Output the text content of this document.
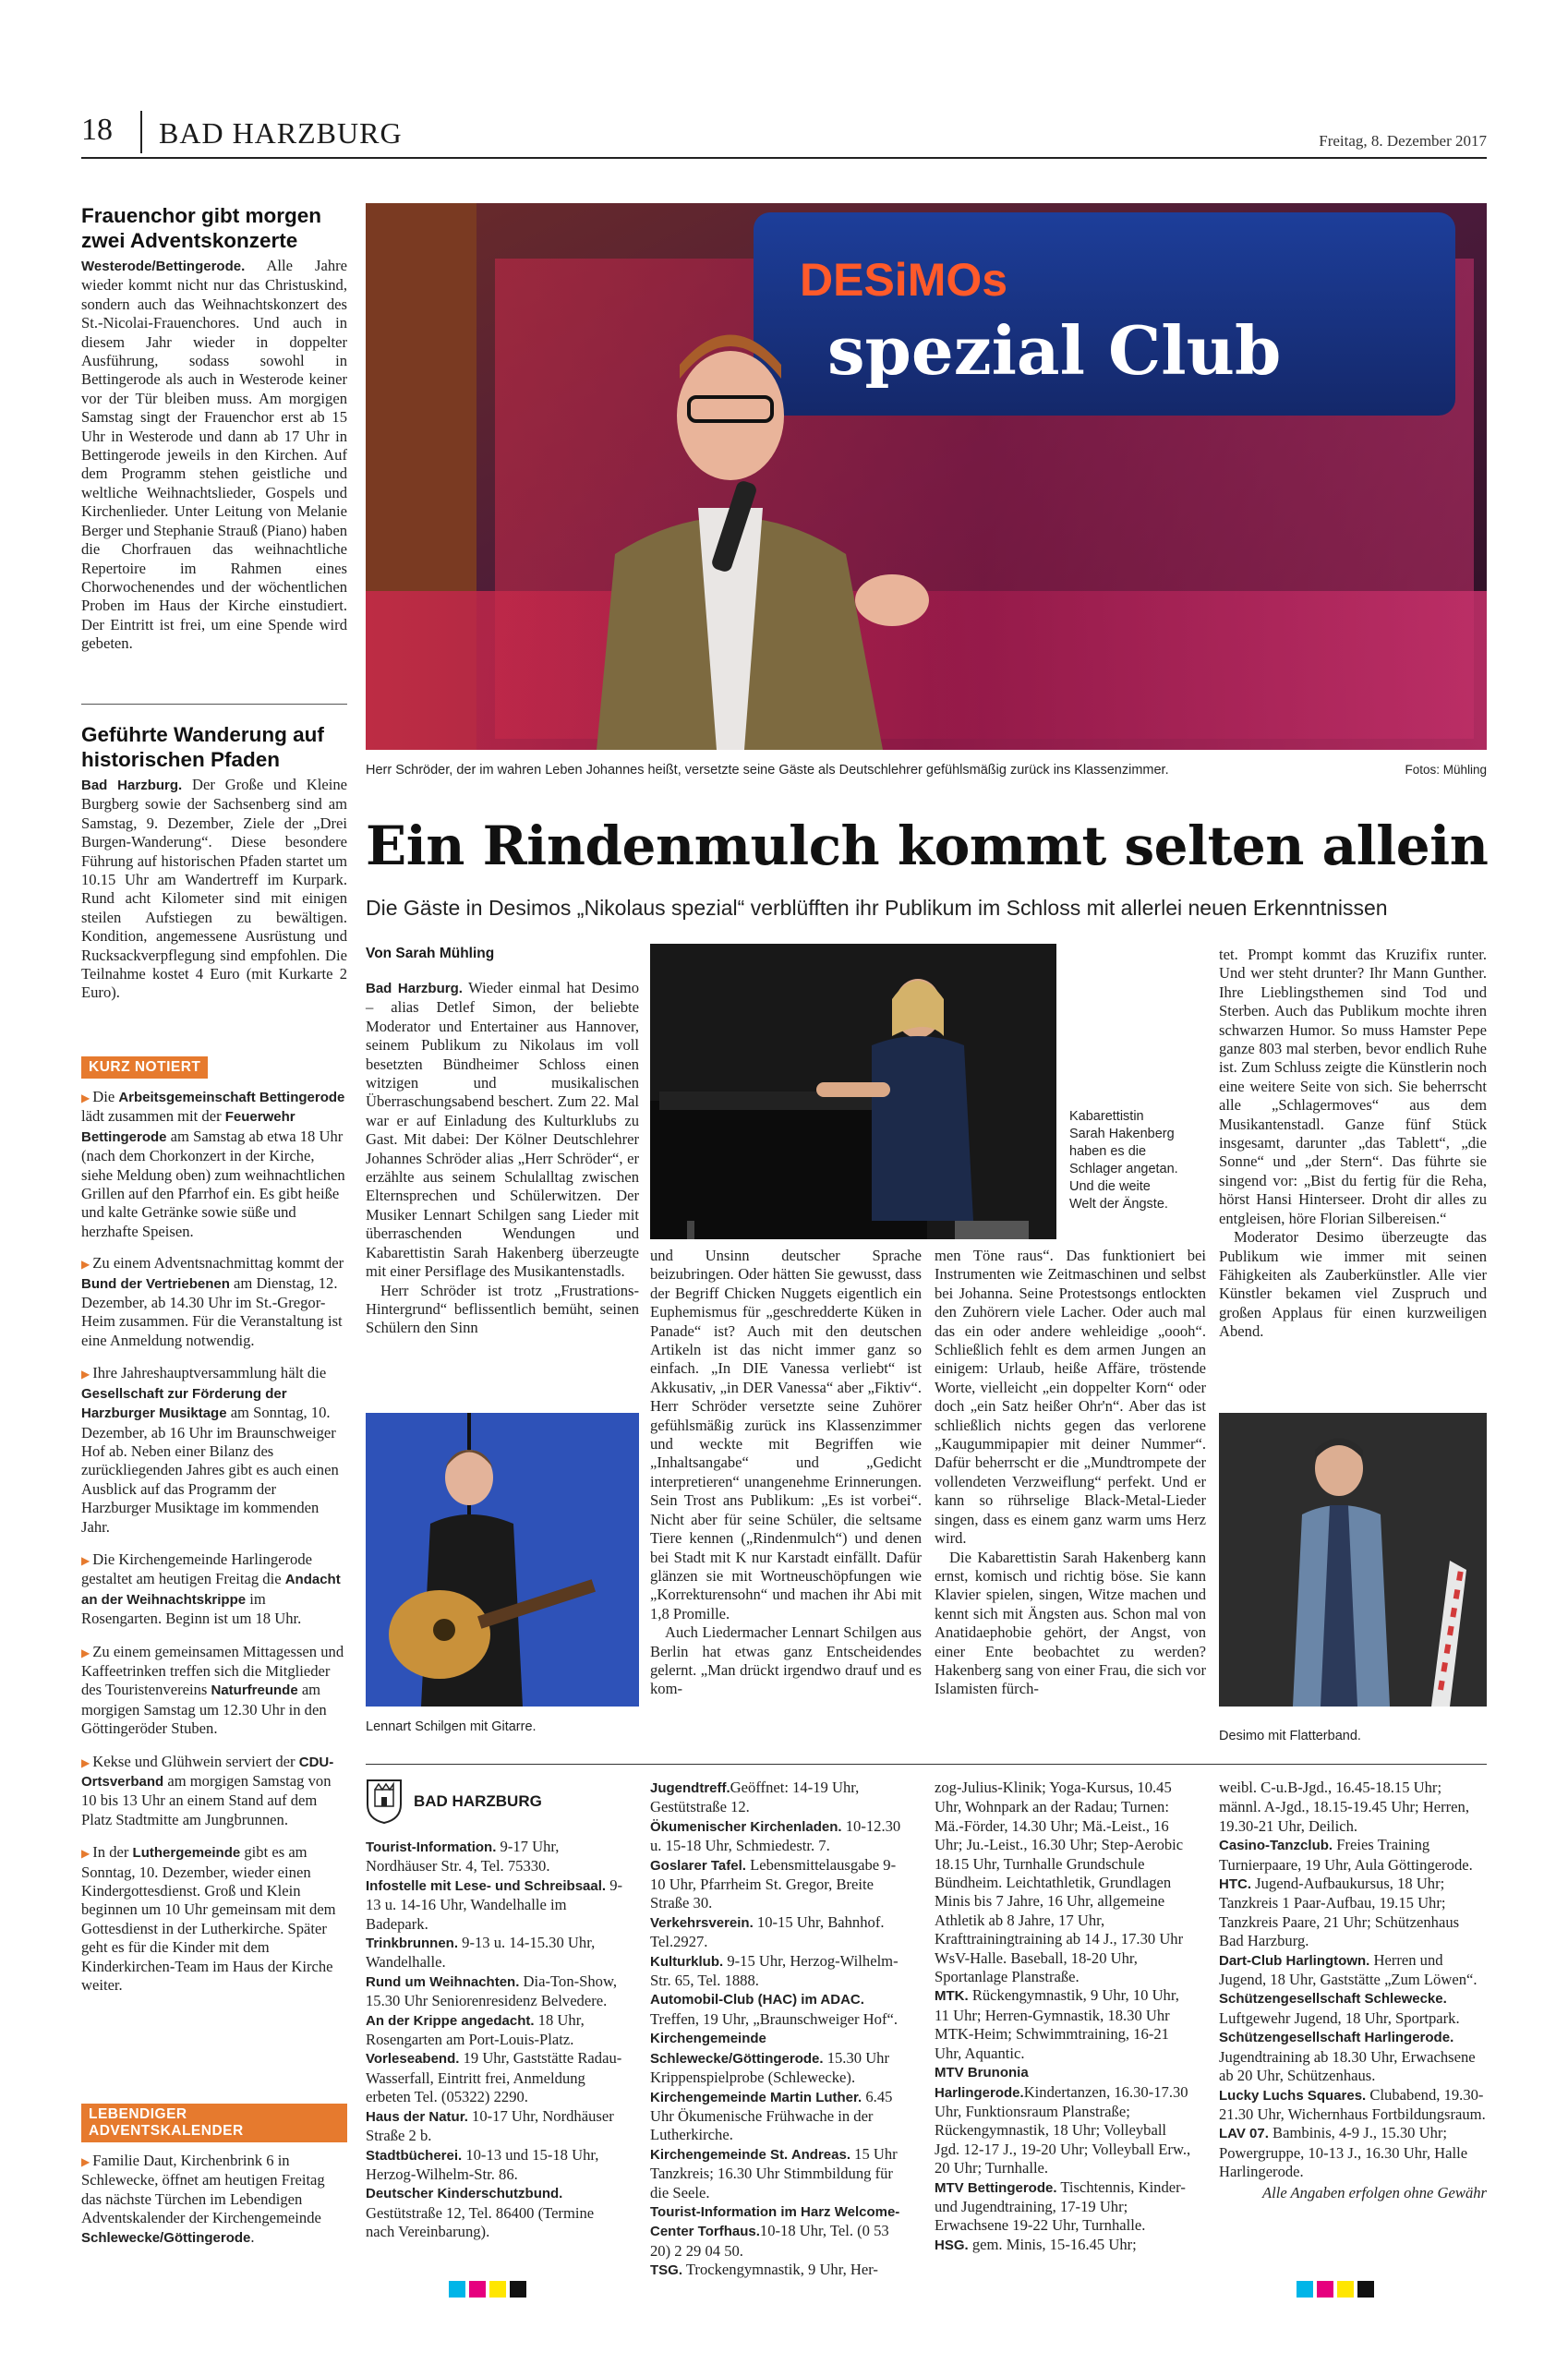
18 BAD HARZBURG	Freitag, 8. Dezember 2017
Frauenchor gibt morgen zwei Adventskonzerte
Westerode/Bettingerode. Alle Jahre wieder kommt nicht nur das Christuskind, sondern auch das Weihnachtskonzert des St.-Nicolai-Frauenchores. Und auch in diesem Jahr wieder in doppelter Ausführung, sodass sowohl in Bettingerode als auch in Westerode keiner vor der Tür bleiben muss. Am morgigen Samstag singt der Frauenchor erst ab 15 Uhr in Westerode und dann ab 17 Uhr in Bettingerode jeweils in den Kirchen. Auf dem Programm stehen geistliche und weltliche Weihnachtslieder, Gospels und Kirchenlieder. Unter Leitung von Melanie Berger und Stephanie Strauß (Piano) haben die Chorfrauen das weihnachtliche Repertoire im Rahmen eines Chorwochenendes und der wöchentlichen Proben im Haus der Kirche einstudiert. Der Eintritt ist frei, um eine Spende wird gebeten.
Geführte Wanderung auf historischen Pfaden
Bad Harzburg. Der Große und Kleine Burgberg sowie der Sachsenberg sind am Samstag, 9. Dezember, Ziele der „Drei Burgen-Wanderung“. Diese besondere Führung auf historischen Pfaden startet um 10.15 Uhr am Wandertreff im Kurpark. Rund acht Kilometer sind mit einigen steilen Aufstiegen zu bewältigen. Kondition, angemessene Ausrüstung und Rucksackverpflegung sind empfohlen. Die Teilnahme kostet 4 Euro (mit Kurkarte 2 Euro).
KURZ NOTIERT
▶ Die Arbeitsgemeinschaft Bettingerode lädt zusammen mit der Feuerwehr Bettingerode am Samstag ab etwa 18 Uhr (nach dem Chorkonzert in der Kirche, siehe Meldung oben) zum weihnachtlichen Grillen auf den Pfarrhof ein. Es gibt heiße und kalte Getränke sowie süße und herzhafte Speisen.
▶ Zu einem Adventsnachmittag kommt der Bund der Vertriebenen am Dienstag, 12. Dezember, ab 14.30 Uhr im St.-Gregor-Heim zusammen. Für die Veranstaltung ist eine Anmeldung notwendig.
▶ Ihre Jahreshauptversammlung hält die Gesellschaft zur Förderung der Harzburger Musiktage am Sonntag, 10. Dezember, ab 16 Uhr im Braunschweiger Hof ab. Neben einer Bilanz des zurückliegenden Jahres gibt es auch einen Ausblick auf das Programm der Harzburger Musiktage im kommenden Jahr.
▶ Die Kirchengemeinde Harlingerode gestaltet am heutigen Freitag die Andacht an der Weihnachtskrippe im Rosengarten. Beginn ist um 18 Uhr.
▶ Zu einem gemeinsamen Mittagessen und Kaffeetrinken treffen sich die Mitglieder des Touristenvereins Naturfreunde am morgigen Samstag um 12.30 Uhr in den Göttingeröder Stuben.
▶ Kekse und Glühwein serviert der CDU-Ortsverband am morgigen Samstag von 10 bis 13 Uhr an einem Stand auf dem Platz Stadtmitte am Jungbrunnen.
▶ In der Luthergemeinde gibt es am Sonntag, 10. Dezember, wieder einen Kindergottesdienst. Groß und Klein beginnen um 10 Uhr gemeinsam mit dem Gottesdienst in der Lutherkirche. Später geht es für die Kinder mit dem Kinderkirchen-Team im Haus der Kirche weiter.
LEBENDIGER ADVENTSKALENDER
▶ Familie Daut, Kirchenbrink 6 in Schlewecke, öffnet am heutigen Freitag das nächste Türchen im Lebendigen Adventskalender der Kirchengemeinde Schlewecke/Göttingerode.
DESiMOs
spezial Club
Herr Schröder, der im wahren Leben Johannes heißt, versetzte seine Gäste als Deutschlehrer gefühlsmäßig zurück ins Klassenzimmer.	Fotos: Mühling
Ein Rindenmulch kommt selten allein
Die Gäste in Desimos „Nikolaus spezial“ verblüfften ihr Publikum im Schloss mit allerlei neuen Erkenntnissen
Von Sarah Mühling
Bad Harzburg. Wieder einmal hat Desimo – alias Detlef Simon, der beliebte Moderator und Entertainer aus Hannover, seinem Publikum zu Nikolaus im voll besetzten Bündheimer Schloss einen witzigen und musikalischen Überraschungsabend beschert. Zum 22. Mal war er auf Einladung des Kulturklubs zu Gast. Mit dabei: Der Kölner Deutschlehrer Johannes Schröder alias „Herr Schröder“, er erzählte aus seinem Schulalltag zwischen Elternsprechen und Schülerwitzen. Der Musiker Lennart Schilgen sang Lieder mit überraschenden Wendungen und Kabarettistin Sarah Hakenberg überzeugte mit einer Persiflage des Musikantenstadls.
Herr Schröder ist trotz „Frustrations-Hintergrund“ beflissentlich bemüht, seinen Schülern den Sinn
Kabarettistin Sarah Hakenberg haben es die Schlager angetan. Und die weite Welt der Ängste.
und Unsinn deutscher Sprache beizubringen. Oder hätten Sie gewusst, dass der Begriff Chicken Nuggets eigentlich ein Euphemismus für „geschredderte Küken in Panade“ ist? Auch mit den deutschen Artikeln ist das nicht immer ganz so einfach. „In DIE Vanessa verliebt“ ist Akkusativ, „in DER Vanessa“ aber „Fiktiv“. Herr Schröder versetzte seine Zuhörer gefühlsmäßig zurück ins Klassenzimmer und weckte mit Begriffen wie „Inhaltsangabe“ und „Gedicht interpretieren“ unangenehme Erinnerungen. Sein Trost ans Publikum: „Es ist vorbei“. Nicht aber für seine Schüler, die seltsame Tiere kennen („Rindenmulch“) und denen bei Stadt mit K nur Karstadt einfällt. Dafür glänzen sie mit Wortneuschöpfungen wie „Korrekturensohn“ und machen ihr Abi mit 1,8 Promille.
Auch Liedermacher Lennart Schilgen aus Berlin hat etwas ganz Entscheidendes gelernt. „Man drückt irgendwo drauf und es kom-
men Töne raus“. Das funktioniert bei Instrumenten wie Zeitmaschinen und selbst bei Johanna. Seine Protestsongs entlockten den Zuhörern viele Lacher. Oder auch mal das ein oder andere wehleidige „oooh“. Schließlich fehlt es dem armen Jungen an einigem: Urlaub, heiße Affäre, tröstende Worte, vielleicht „ein doppelter Korn“ oder doch „ein Satz heißer Ohr'n“. Aber das ist schließlich nichts gegen das verlorene „Kaugummipapier mit deiner Nummer“. Dafür beherrscht er die „Mundtrompete der vollendeten Verzweiflung“ perfekt. Und er kann so rührselige Black-Metal-Lieder singen, dass es einem ganz warm ums Herz wird.
Die Kabarettistin Sarah Hakenberg kann ernst, komisch und richtig böse. Sie kann Klavier spielen, singen, Witze machen und kennt sich mit Ängsten aus. Schon mal von Anatidaephobie gehört, der Angst, von einer Ente beobachtet zu werden? Hakenberg sang von einer Frau, die sich vor Islamisten fürch-
tet. Prompt kommt das Kruzifix runter. Und wer steht drunter? Ihr Mann Gunther. Ihre Lieblingsthemen sind Tod und Sterben. Auch das Publikum mochte ihren schwarzen Humor. So muss Hamster Pepe ganze 803 mal sterben, bevor endlich Ruhe ist. Zum Schluss zeigte die Künstlerin noch eine weitere Seite von sich. Sie beherrscht alle „Schlagermoves“ aus dem Musikantenstadl. Ganze fünf Stück insgesamt, darunter „das Tablett“, „die Sonne“ und „der Stern“. Das führte sie singend vor: „Bist du fertig für die Reha, hörst Hansi Hinterseer. Droht dir alles zu entgleisen, höre Florian Silbereisen.“
Moderator Desimo überzeugte das Publikum wie immer mit seinen Fähigkeiten als Zauberkünstler. Alle vier Künstler bekamen viel Zuspruch und großen Applaus für einen kurzweiligen Abend.
Lennart Schilgen mit Gitarre.
Desimo mit Flatterband.
BAD HARZBURG
Tourist-Information. 9-17 Uhr, Nordhäuser Str. 4, Tel. 75330.
Infostelle mit Lese- und Schreibsaal. 9-13 u. 14-16 Uhr, Wandelhalle im Badepark.
Trinkbrunnen. 9-13 u. 14-15.30 Uhr, Wandelhalle.
Rund um Weihnachten. Dia-Ton-Show, 15.30 Uhr Seniorenresidenz Belvedere.
An der Krippe angedacht. 18 Uhr, Rosengarten am Port-Louis-Platz.
Vorleseabend. 19 Uhr, Gaststätte Radau-Wasserfall, Eintritt frei, Anmeldung erbeten Tel. (05322) 2290.
Haus der Natur. 10-17 Uhr, Nordhäuser Straße 2 b.
Stadtbücherei. 10-13 und 15-18 Uhr, Herzog-Wilhelm-Str. 86.
Deutscher Kinderschutzbund. Gestütstraße 12, Tel. 86400 (Termine nach Vereinbarung).
Jugendtreff.Geöffnet: 14-19 Uhr, Gestütstraße 12.
Ökumenischer Kirchenladen. 10-12.30 u. 15-18 Uhr, Schmiedestr. 7.
Goslarer Tafel. Lebensmittelausgabe 9-10 Uhr, Pfarrheim St. Gregor, Breite Straße 30.
Verkehrsverein. 10-15 Uhr, Bahnhof. Tel.2927.
Kulturklub. 9-15 Uhr, Herzog-Wilhelm-Str. 65, Tel. 1888.
Automobil-Club (HAC) im ADAC. Treffen, 19 Uhr, „Braunschweiger Hof“.
Kirchengemeinde Schlewecke/Göttingerode. 15.30 Uhr Krippenspielprobe (Schlewecke).
Kirchengemeinde Martin Luther. 6.45 Uhr Ökumenische Frühwache in der Lutherkirche.
Kirchengemeinde St. Andreas. 15 Uhr Tanzkreis; 16.30 Uhr Stimmbildung für die Seele.
Tourist-Information im Harz Welcome-Center Torfhaus.10-18 Uhr, Tel. (0 53 20) 2 29 04 50.
TSG. Trockengymnastik, 9 Uhr, Her-
zog-Julius-Klinik; Yoga-Kursus, 10.45 Uhr, Wohnpark an der Radau; Turnen: Mä.-Förder, 14.30 Uhr; Mä.-Leist., 16 Uhr; Ju.-Leist., 16.30 Uhr; Step-Aerobic 18.15 Uhr, Turnhalle Grundschule Bündheim. Leichtathletik, Grundlagen Minis bis 7 Jahre, 16 Uhr, allgemeine Athletik ab 8 Jahre, 17 Uhr, Krafttrainingtraining ab 14 J., 17.30 Uhr WsV-Halle. Baseball, 18-20 Uhr, Sportanlage Planstraße.
MTK. Rückengymnastik, 9 Uhr, 10 Uhr, 11 Uhr; Herren-Gymnastik, 18.30 Uhr MTK-Heim; Schwimmtraining, 16-21 Uhr, Aquantic.
MTV Brunonia Harlingerode.Kindertanzen, 16.30-17.30 Uhr, Funktionsraum Planstraße; Rückengymnastik, 18 Uhr; Volleyball Jgd. 12-17 J., 19-20 Uhr; Volleyball Erw., 20 Uhr; Turnhalle.
MTV Bettingerode. Tischtennis, Kinder- und Jugendtraining, 17-19 Uhr; Erwachsene 19-22 Uhr, Turnhalle.
HSG. gem. Minis, 15-16.45 Uhr;
weibl. C-u.B-Jgd., 16.45-18.15 Uhr; männl. A-Jgd., 18.15-19.45 Uhr; Herren, 19.30-21 Uhr, Deilich.
Casino-Tanzclub. Freies Training Turnierpaare, 19 Uhr, Aula Göttingerode.
HTC. Jugend-Aufbaukursus, 18 Uhr; Tanzkreis 1 Paar-Aufbau, 19.15 Uhr; Tanzkreis Paare, 21 Uhr; Schützenhaus Bad Harzburg.
Dart-Club Harlingtown. Herren und Jugend, 18 Uhr, Gaststätte „Zum Löwen“.
Schützengesellschaft Schlewecke. Luftgewehr Jugend, 18 Uhr, Sportpark.
Schützengesellschaft Harlingerode. Jugendtraining ab 18.30 Uhr, Erwachsene ab 20 Uhr, Schützenhaus.
Lucky Luchs Squares. Clubabend, 19.30-21.30 Uhr, Wichernhaus Fortbildungsraum.
LAV 07. Bambinis, 4-9 J., 15.30 Uhr; Powergruppe, 10-13 J., 16.30 Uhr, Halle Harlingerode.
Alle Angaben erfolgen ohne Gewähr
